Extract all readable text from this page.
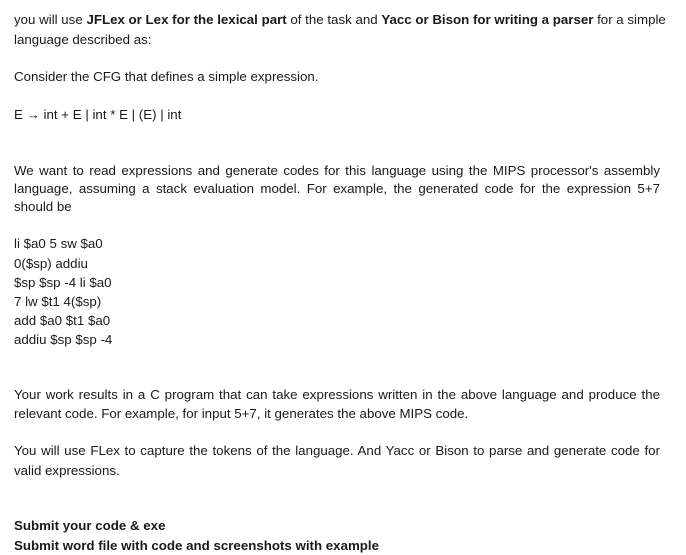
you will use JFLex or Lex for the lexical part of the task and Yacc or Bison for writing a parser for a simple
language described as:
Consider the CFG that defines a simple expression.
E → int + E | int * E | (E) | int
We want to read expressions and generate codes for this language using the MIPS processor's assembly
language, assuming a stack evaluation model. For example, the generated code for the expression 5+7
should be
li $a0 5 sw $a0
0($sp) addiu
$sp $sp -4 li $a0
7 lw $t1 4($sp)
add $a0 $t1 $a0
addiu $sp $sp -4
Your work results in a C program that can take expressions written in the above language and produce the
relevant code. For example, for input 5+7, it generates the above MIPS code.
You will use FLex to capture the tokens of the language. And Yacc or Bison to parse and generate code for
valid expressions.
Submit your code & exe
Submit word file with code and screenshots with example
